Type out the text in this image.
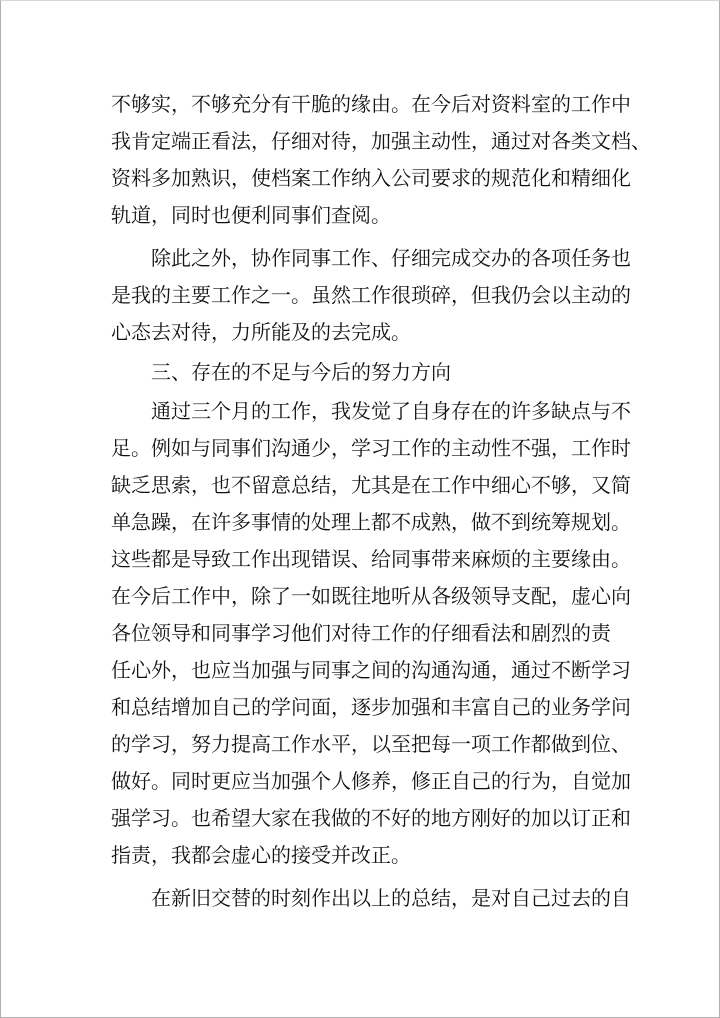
不够实，不够充分有干脆的缘由。在今后对资料室的工作中
我肯定端正看法，仔细对待，加强主动性，通过对各类文档、
资料多加熟识，使档案工作纳入公司要求的规范化和精细化
轨道，同时也便利同事们查阅。
除此之外，协作同事工作、仔细完成交办的各项任务也
是我的主要工作之一。虽然工作很琐碎，但我仍会以主动的
心态去对待，力所能及的去完成。
三、存在的不足与今后的努力方向
通过三个月的工作，我发觉了自身存在的许多缺点与不
足。例如与同事们沟通少，学习工作的主动性不强，工作时
缺乏思索，也不留意总结，尤其是在工作中细心不够，又简
单急躁，在许多事情的处理上都不成熟，做不到统筹规划。
这些都是导致工作出现错误、给同事带来麻烦的主要缘由。
在今后工作中，除了一如既往地听从各级领导支配，虚心向
各位领导和同事学习他们对待工作的仔细看法和剧烈的责
任心外，也应当加强与同事之间的沟通沟通，通过不断学习
和总结增加自己的学问面，逐步加强和丰富自己的业务学问
的学习，努力提高工作水平，以至把每一项工作都做到位、
做好。同时更应当加强个人修养，修正自己的行为，自觉加
强学习。也希望大家在我做的不好的地方刚好的加以订正和
指责，我都会虚心的接受并改正。
在新旧交替的时刻作出以上的总结，是对自己过去的自
